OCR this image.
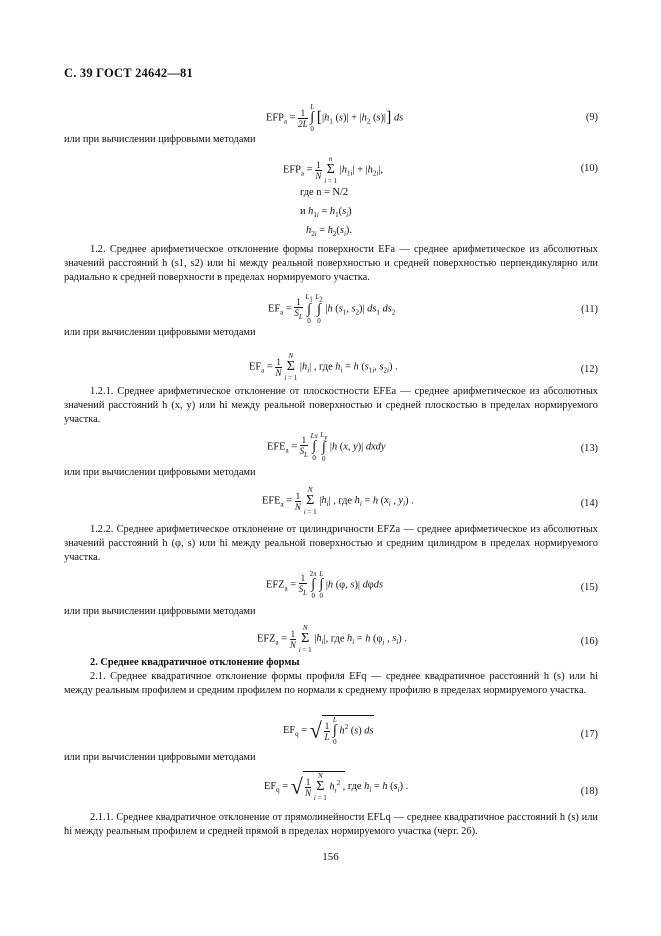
С. 39 ГОСТ 24642—81
$EFP_a = \frac{1}{2L}$
L
∫
0 [$|h_1$ $(s)| + |h_2$ (s)|] ds	(9)
или при вычислении цифровыми методами
$EFP_a = \frac{1}{N}$
n
Σ
i = 1 $|h_{1i}| + |h_{2i}|$,	(10)
где n = N/2
и $h_{1i} = h_1(s_i)$
$h_{2i} = h_2(s_i)$.
1.2. Среднее арифметическое отклонение формы поверхности EFa — среднее арифметическое из абсолютных значений расстояний h (s1, s2) или hi между реальной поверхностью и средней поверхностью перпендикулярно или радиально к средней поверхности в пределах нормируемого участка.
$EF_a = \frac{1}{S_L} L_1$
∫
0 $L_2$
∫
0 |h ($s_1$, $s_2)|$ $ds_1$ $ds_2$	(11)
или при вычислении цифровыми методами
$EF_a = \frac{1}{N}$
N
Σ
i = 1 $|h_i|$ , где $h_i = h$ ($s_{1i}$, $s_{2i}$) .	(12)
1.2.1. Среднее арифметическое отклонение от плоскостности EFEa — среднее арифметическое из абсолютных значений расстояний h (x, y) или hi между реальной поверхностью и средней плоскостью в пределах нормируемого участка.
$EFE_a = \frac{1}{S_L}$ Lx
∫
0 $L_y$
∫
0 |h (x, y)| dxdy	(13)
или при вычислении цифровыми методами
$EFE_a = \frac{1}{N}$
N
Σ
i = 1 $|h_i|$ , где $h_i = h$ ($x_i$ , $y_i$) .	(14)
1.2.2. Среднее арифметическое отклонение от цилиндричности EFZa — среднее арифметическое из абсолютных значений расстояний h (φ, s) или hi между реальной поверхностью и средним цилиндром в пределах нормируемого участка.
$EFZ_a = \frac{1}{S_L} 2\pi$
∫
0 L
∫
0 |h (φ, s)| dφds	(15)
или при вычислении цифровыми методами
$EFZ_a = \frac{1}{N}$
N
Σ
i = 1 $|h_i|$, где $h_i = h$ ($\varphi_i$ , $s_i$) .	(16)
2. Среднее квадратичное отклонение формы
2.1. Среднее квадратичное отклонение формы профиля EFq — среднее квадратичное расстояний h (s) или hi между реальным профилем и средним профилем по нормали к среднему профилю в пределах нормируемого участка.
$EF_q$ = √ $\frac{1}{L}$
L
∫
0 $h^2$ (s) ds	(17)
или при вычислении цифровыми методами
$EF_q$ = √ $\frac{1}{N}$
N
Σ
i = 1 $h_i^2$ , где $h_i = h$ $(s_i)$ .	(18)
2.1.1. Среднее квадратичное отклонение от прямолинейности EFLq — среднее квадратичное расстояний h (s) или hi между реальным профилем и средней прямой в пределах нормируемого участка (черт. 26).
156
